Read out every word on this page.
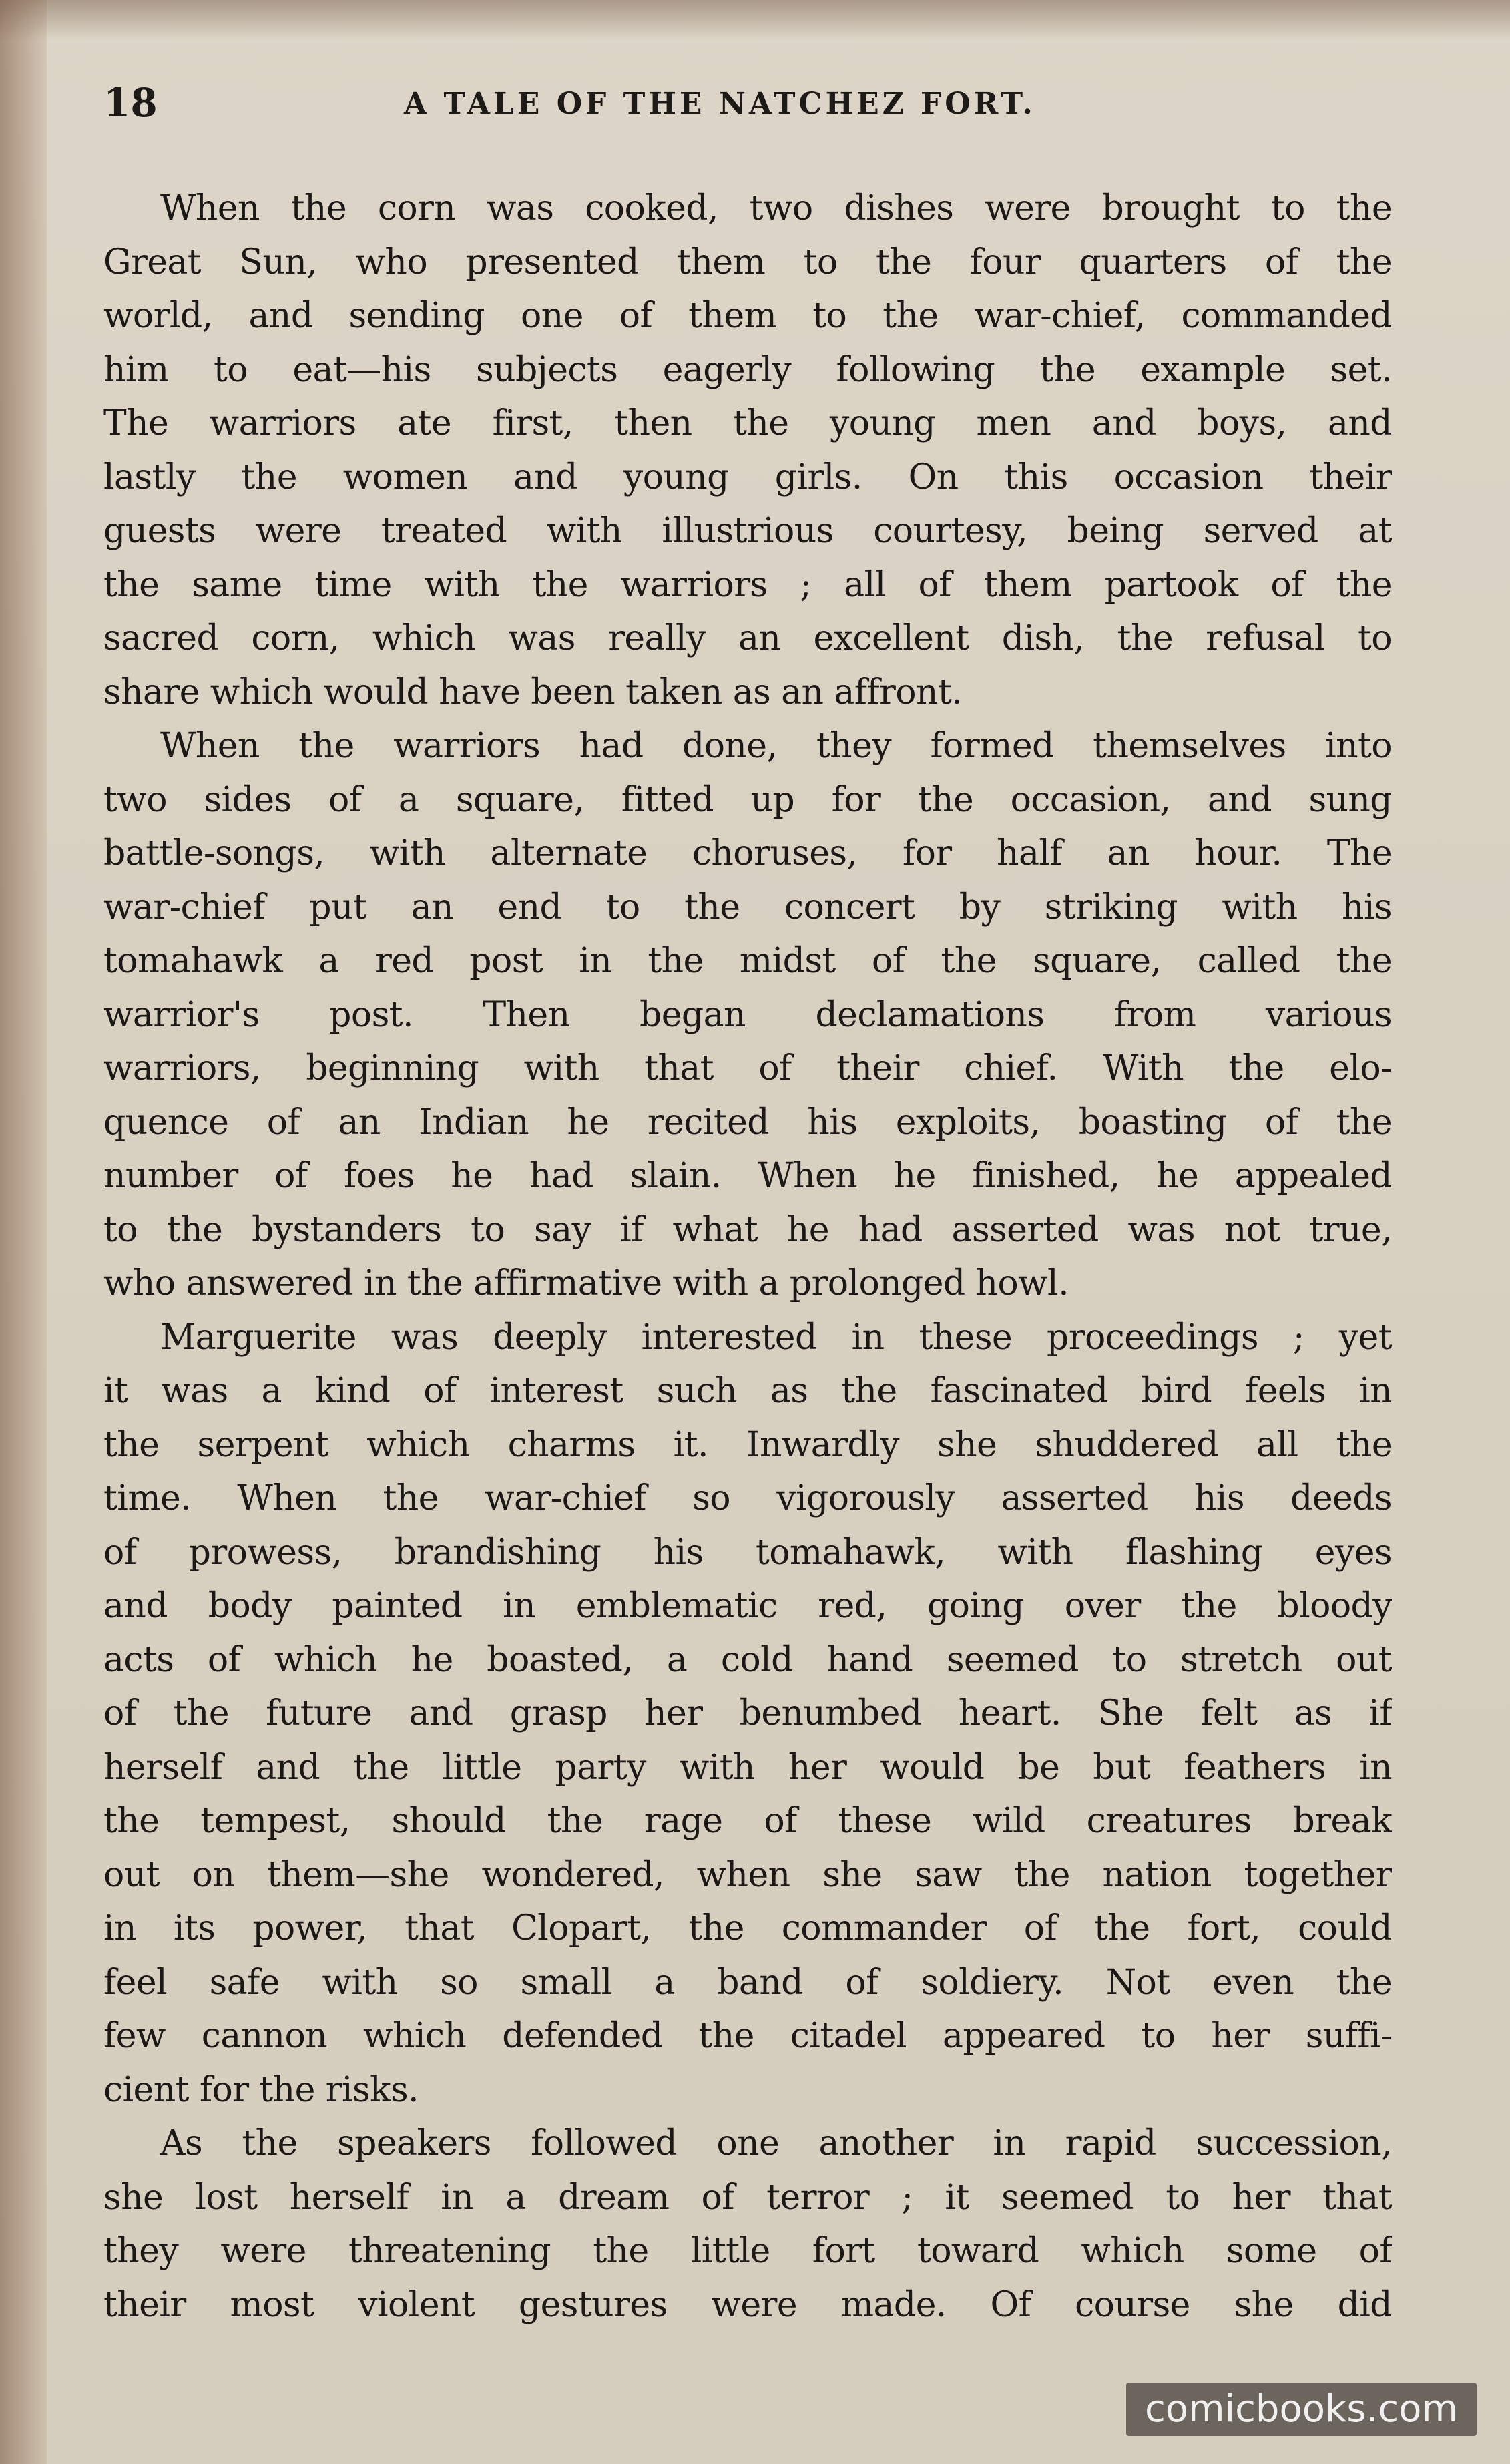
18	A TALE OF THE NATCHEZ FORT.
When the corn was cooked, two dishes were brought to the
Great Sun, who presented them to the four quarters of the
world, and sending one of them to the war-chief, commanded
him to eat—his subjects eagerly following the example set.
The warriors ate first, then the young men and boys, and
lastly the women and young girls. On this occasion their
guests were treated with illustrious courtesy, being served at
the same time with the warriors ; all of them partook of the
sacred corn, which was really an excellent dish, the refusal to
share which would have been taken as an affront.
When the warriors had done, they formed themselves into
two sides of a square, fitted up for the occasion, and sung
battle-songs, with alternate choruses, for half an hour. The
war-chief put an end to the concert by striking with his
tomahawk a red post in the midst of the square, called the
warrior's post. Then began declamations from various
warriors, beginning with that of their chief. With the elo-
quence of an Indian he recited his exploits, boasting of the
number of foes he had slain. When he finished, he appealed
to the bystanders to say if what he had asserted was not true,
who answered in the affirmative with a prolonged howl.
Marguerite was deeply interested in these proceedings ; yet
it was a kind of interest such as the fascinated bird feels in
the serpent which charms it. Inwardly she shuddered all the
time. When the war-chief so vigorously asserted his deeds
of prowess, brandishing his tomahawk, with flashing eyes
and body painted in emblematic red, going over the bloody
acts of which he boasted, a cold hand seemed to stretch out
of the future and grasp her benumbed heart. She felt as if
herself and the little party with her would be but feathers in
the tempest, should the rage of these wild creatures break
out on them—she wondered, when she saw the nation together
in its power, that Clopart, the commander of the fort, could
feel safe with so small a band of soldiery. Not even the
few cannon which defended the citadel appeared to her suffi-
cient for the risks.
As the speakers followed one another in rapid succession,
she lost herself in a dream of terror ; it seemed to her that
they were threatening the little fort toward which some of
their most violent gestures were made. Of course she did
comicbooks.com
